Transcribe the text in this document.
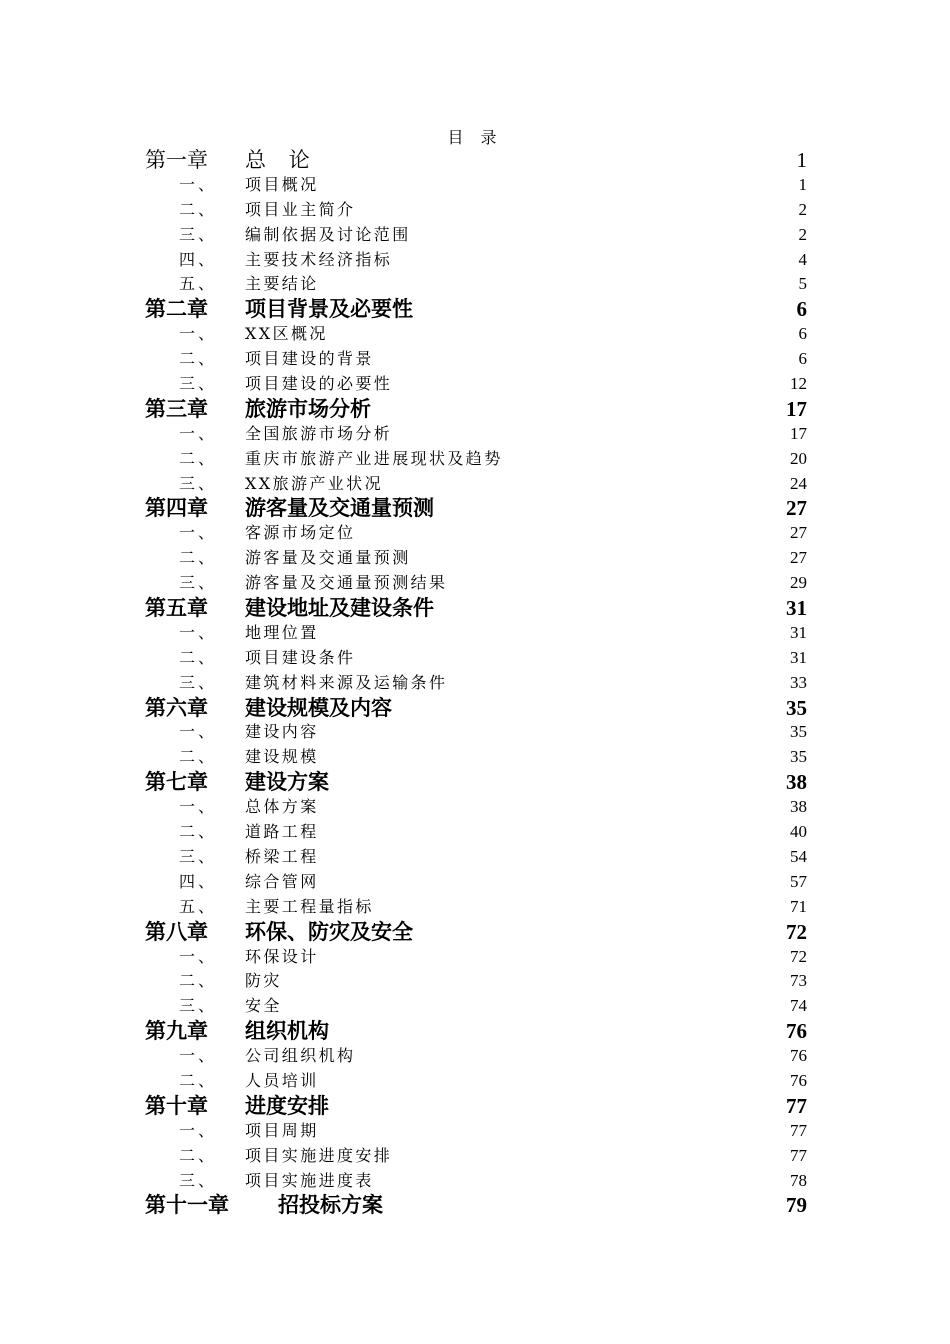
目 录
第一章 总 论	1
一、 项目概况	1
二、 项目业主简介	2
三、 编制依据及讨论范围	2
四、 主要技术经济指标	4
五、 主要结论	5
第二章 项目背景及必要性	6
一、 XX区概况	6
二、 项目建设的背景	6
三、 项目建设的必要性	12
第三章 旅游市场分析	17
一、 全国旅游市场分析	17
二、 重庆市旅游产业进展现状及趋势	20
三、 XX旅游产业状况	24
第四章 游客量及交通量预测	27
一、 客源市场定位	27
二、 游客量及交通量预测	27
三、 游客量及交通量预测结果	29
第五章 建设地址及建设条件	31
一、 地理位置	31
二、 项目建设条件	31
三、 建筑材料来源及运输条件	33
第六章 建设规模及内容	35
一、 建设内容	35
二、 建设规模	35
第七章 建设方案	38
一、 总体方案	38
二、 道路工程	40
三、 桥梁工程	54
四、 综合管网	57
五、 主要工程量指标	71
第八章 环保、防灾及安全	72
一、 环保设计	72
二、 防灾	73
三、 安全	74
第九章 组织机构	76
一、 公司组织机构	76
二、 人员培训	76
第十章 进度安排	77
一、 项目周期	77
二、 项目实施进度安排	77
三、 项目实施进度表	78
第十一章 招投标方案	79
